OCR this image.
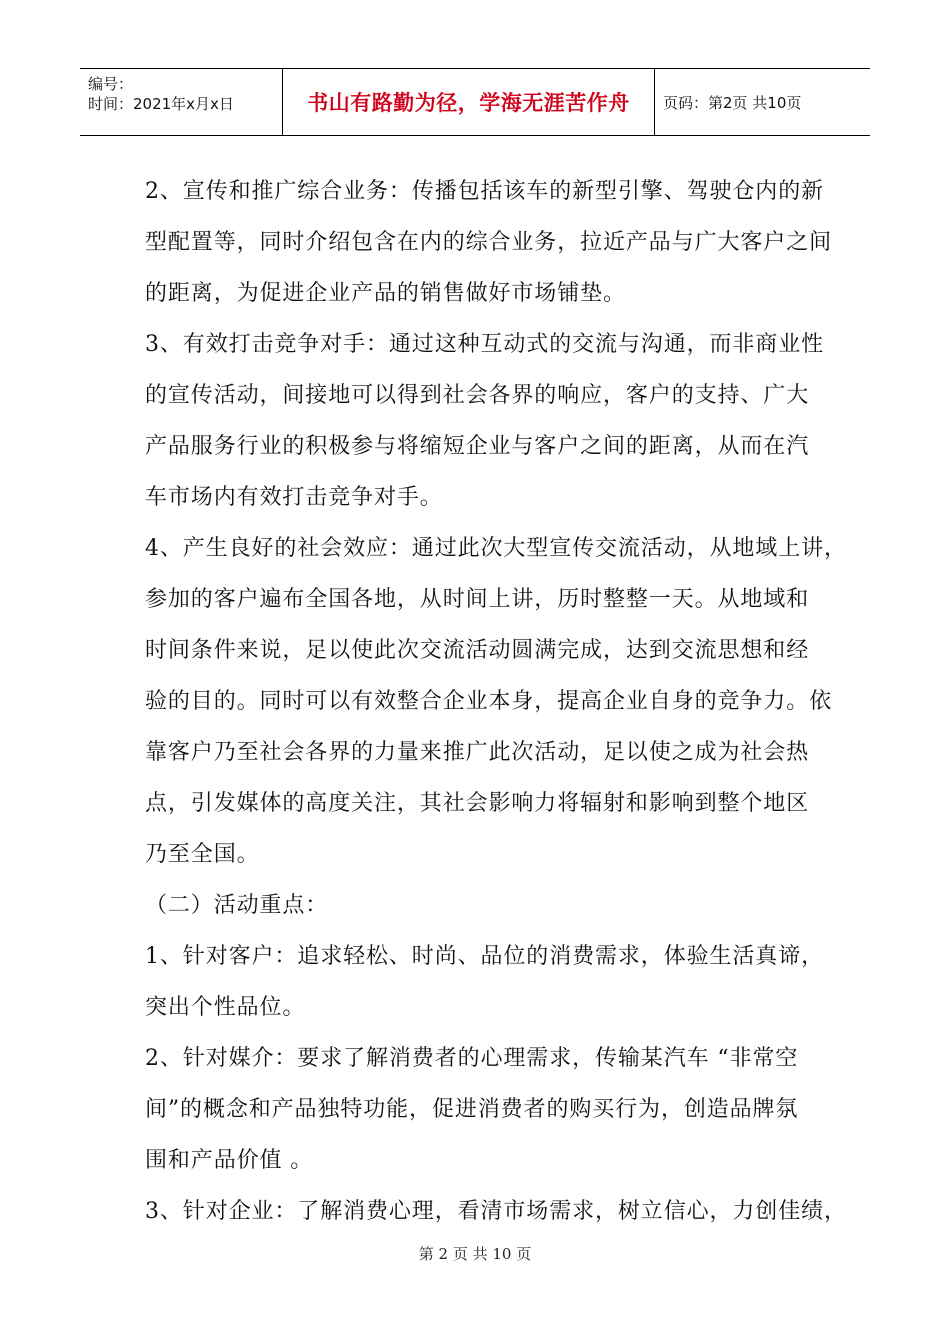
编号：
时间：2021年x月x日	书山有路勤为径，学海无涯苦作舟 页码：第2页 共10页

2、宣传和推广综合业务：传播包括该车的新型引擎、驾驶仓内的新

型配置等，同时介绍包含在内的综合业务，拉近产品与广大客户之间

的距离，为促进企业产品的销售做好市场铺垫。

3、有效打击竞争对手：通过这种互动式的交流与沟通，而非商业性

的宣传活动，间接地可以得到社会各界的响应，客户的支持、广大

产品服务行业的积极参与将缩短企业与客户之间的距离，从而在汽

车市场内有效打击竞争对手。

4、产生良好的社会效应：通过此次大型宣传交流活动，从地域上讲，

参加的客户遍布全国各地，从时间上讲，历时整整一天。从地域和

时间条件来说，足以使此次交流活动圆满完成，达到交流思想和经

验的目的。同时可以有效整合企业本身，提高企业自身的竞争力。依

靠客户乃至社会各界的力量来推广此次活动，足以使之成为社会热

点，引发媒体的高度关注，其社会影响力将辐射和影响到整个地区

乃至全国。

（二）活动重点：

1、针对客户：追求轻松、时尚、品位的消费需求，体验生活真谛，

突出个性品位。

2、针对媒介：要求了解消费者的心理需求，传输某汽车 “非常空

间”的概念和产品独特功能，促进消费者的购买行为，创造品牌氛

围和产品价值 。

3、针对企业：了解消费心理，看清市场需求，树立信心，力创佳绩，

第 2 页 共 10 页
